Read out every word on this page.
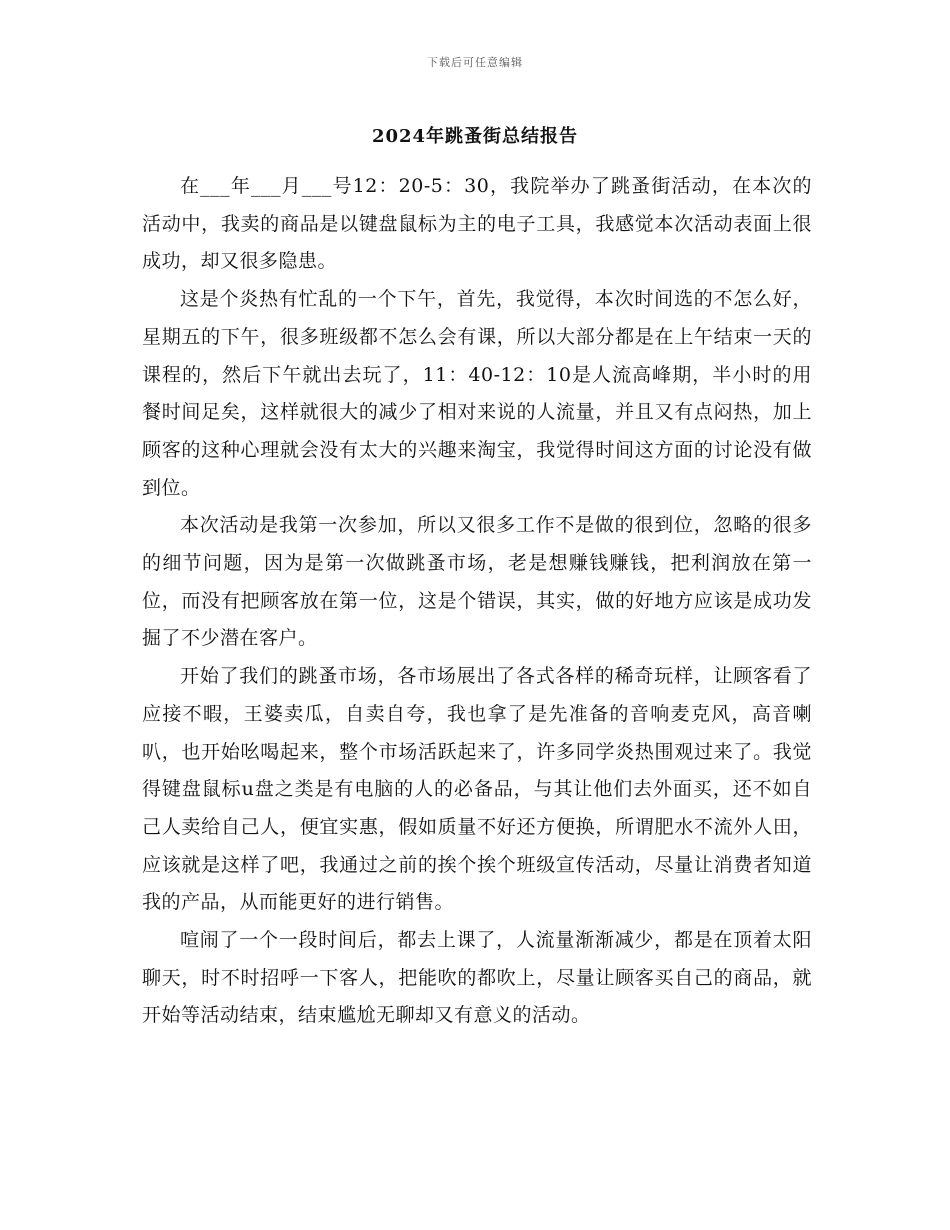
下载后可任意编辑
2024年跳蚤街总结报告

在___年___月___号12：20-5：30，我院举办了跳蚤街活动，在本次的活动中，我卖的商品是以键盘鼠标为主的电子工具，我感觉本次活动表面上很成功，却又很多隐患。

这是个炎热有忙乱的一个下午，首先，我觉得，本次时间选的不怎么好，星期五的下午，很多班级都不怎么会有课，所以大部分都是在上午结束一天的课程的，然后下午就出去玩了，11：40-12：10是人流高峰期，半小时的用餐时间足矣，这样就很大的减少了相对来说的人流量，并且又有点闷热，加上顾客的这种心理就会没有太大的兴趣来淘宝，我觉得时间这方面的讨论没有做到位。

本次活动是我第一次参加，所以又很多工作不是做的很到位，忽略的很多的细节问题，因为是第一次做跳蚤市场，老是想赚钱赚钱，把利润放在第一位，而没有把顾客放在第一位，这是个错误，其实，做的好地方应该是成功发掘了不少潜在客户。

开始了我们的跳蚤市场，各市场展出了各式各样的稀奇玩样，让顾客看了应接不暇，王婆卖瓜，自卖自夸，我也拿了是先准备的音响麦克风，高音喇叭，也开始吆喝起来，整个市场活跃起来了，许多同学炎热围观过来了。我觉得键盘鼠标u盘之类是有电脑的人的必备品，与其让他们去外面买，还不如自己人卖给自己人，便宜实惠，假如质量不好还方便换，所谓肥水不流外人田，应该就是这样了吧，我通过之前的挨个挨个班级宣传活动，尽量让消费者知道我的产品，从而能更好的进行销售。

喧闹了一个一段时间后，都去上课了，人流量渐渐减少，都是在顶着太阳聊天，时不时招呼一下客人，把能吹的都吹上，尽量让顾客买自己的商品，就开始等活动结束，结束尴尬无聊却又有意义的活动。
